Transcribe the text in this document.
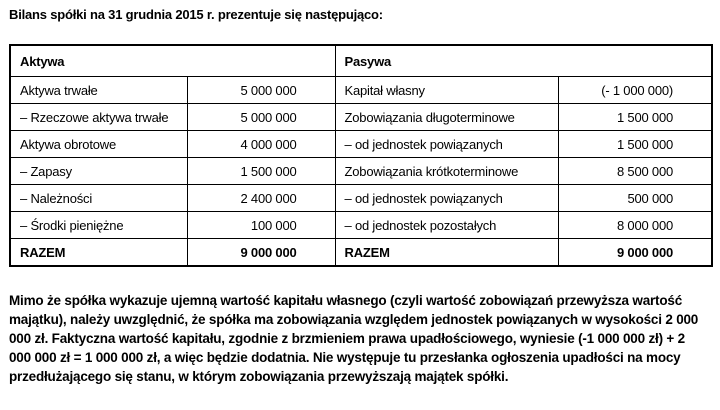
Bilans spółki na 31 grudnia 2015 r. prezentuje się następująco:

Aktywa		Pasywa	
Aktywa trwałe	5 000 000	Kapitał własny	(- 1 000 000)
– Rzeczowe aktywa trwałe	5 000 000	Zobowiązania długoterminowe	1 500 000
Aktywa obrotowe	4 000 000	– od jednostek powiązanych	1 500 000
– Zapasy	1 500 000	Zobowiązania krótkoterminowe	8 500 000
– Należności	2 400 000	– od jednostek powiązanych	500 000
– Środki pieniężne	100 000	– od jednostek pozostałych	8 000 000
RAZEM	9 000 000	RAZEM	9 000 000

Mimo że spółka wykazuje ujemną wartość kapitału własnego (czyli wartość zobowiązań przewyższa wartość majątku), należy uwzględnić, że spółka ma zobowiązania względem jednostek powiązanych w wysokości 2 000 000 zł. Faktyczna wartość kapitału, zgodnie z brzmieniem prawa upadłościowego, wyniesie (-1 000 000 zł) + 2 000 000 zł = 1 000 000 zł, a więc będzie dodatnia. Nie występuje tu przesłanka ogłoszenia upadłości na mocy przedłużającego się stanu, w którym zobowiązania przewyższają majątek spółki.
